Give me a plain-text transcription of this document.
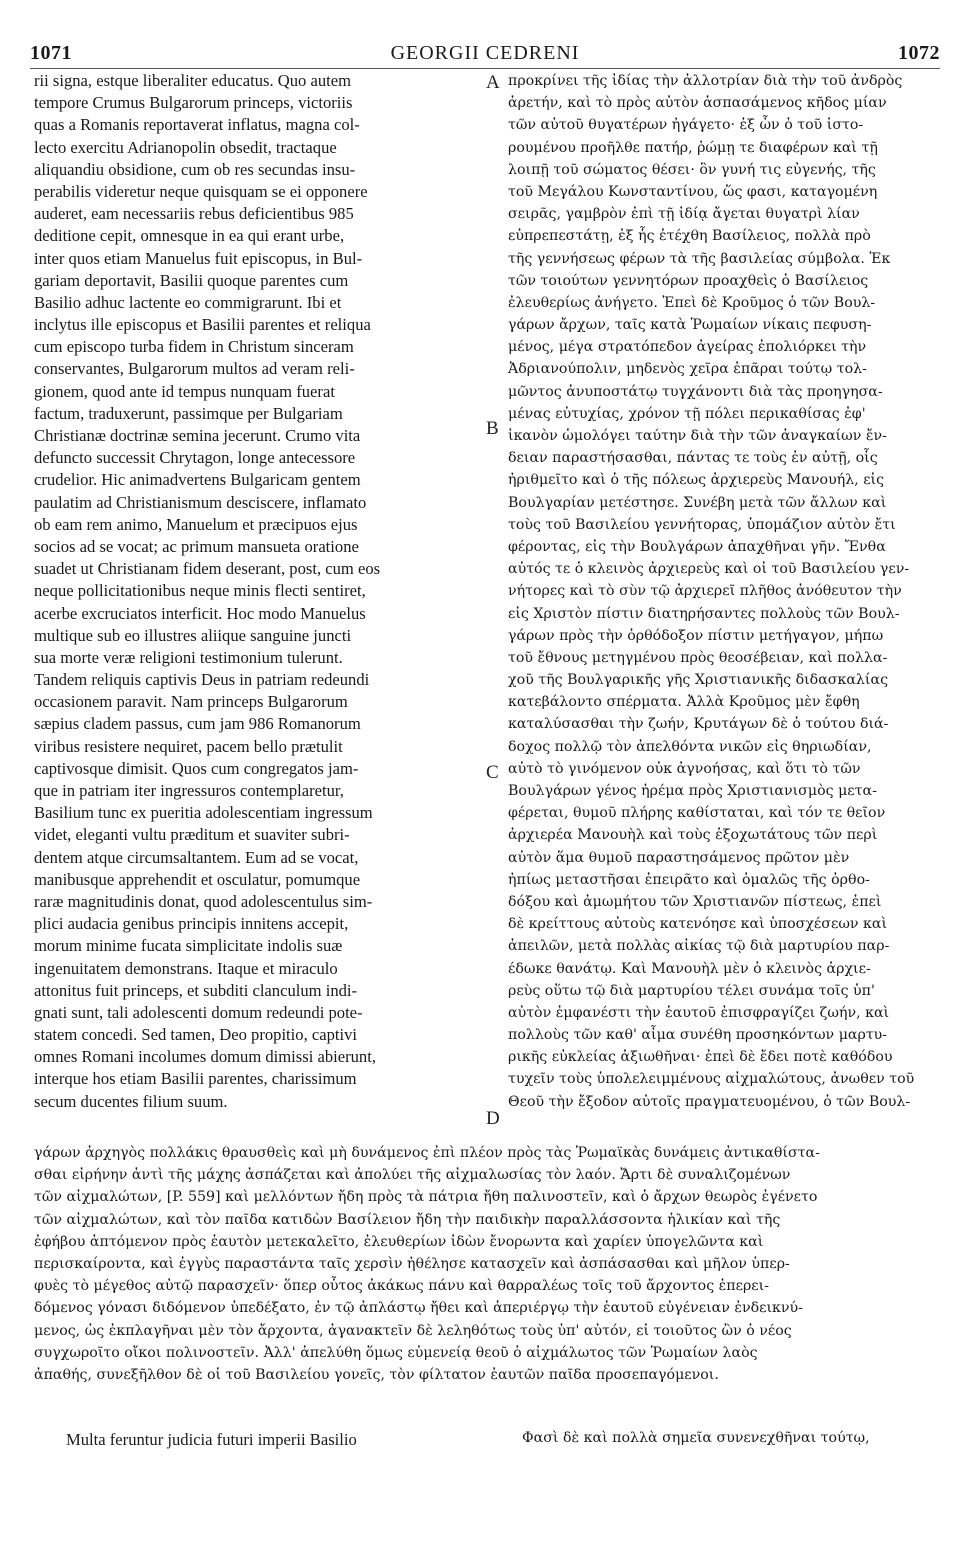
1071	GEORGII CEDRENI	1072
A
B
C
D
rii signa, estque liberaliter educatus. Quo autem
tempore Crumus Bulgarorum princeps, victoriis
quas a Romanis reportaverat inflatus, magna col-
lecto exercitu Adrianopolin obsedit, tractaque
aliquandiu obsidione, cum ob res secundas insu-
perabilis videretur neque quisquam se ei opponere
auderet, eam necessariis rebus deficientibus 985
deditione cepit, omnesque in ea qui erant urbe,
inter quos etiam Manuelus fuit episcopus, in Bul-
gariam deportavit, Basilii quoque parentes cum
Basilio adhuc lactente eo commigrarunt. Ibi et
inclytus ille episcopus et Basilii parentes et reliqua
cum episcopo turba fidem in Christum sinceram
conservantes, Bulgarorum multos ad veram reli-
gionem, quod ante id tempus nunquam fuerat
factum, traduxerunt, passimque per Bulgariam
Christianæ doctrinæ semina jecerunt. Crumo vita
defuncto successit Chrytagon, longe antecessore
crudelior. Hic animadvertens Bulgaricam gentem
paulatim ad Christianismum desciscere, inflamato
ob eam rem animo, Manuelum et præcipuos ejus
socios ad se vocat; ac primum mansueta oratione
suadet ut Christianam fidem deserant, post, cum eos
neque pollicitationibus neque minis flecti sentiret,
acerbe excruciatos interficit. Hoc modo Manuelus
multique sub eo illustres aliique sanguine juncti
sua morte veræ religioni testimonium tulerunt.
Tandem reliquis captivis Deus in patriam redeundi
occasionem paravit. Nam princeps Bulgarorum
sæpius cladem passus, cum jam 986 Romanorum
viribus resistere nequiret, pacem bello prætulit
captivosque dimisit. Quos cum congregatos jam-
que in patriam iter ingressuros contemplaretur,
Basilium tunc ex pueritia adolescentiam ingressum
videt, eleganti vultu præditum et suaviter subri-
dentem atque circumsaltantem. Eum ad se vocat,
manibusque apprehendit et osculatur, pomumque
raræ magnitudinis donat, quod adolescentulus sim-
plici audacia genibus principis innitens accepit,
morum minime fucata simplicitate indolis suæ
ingenuitatem demonstrans. Itaque et miraculo
attonitus fuit princeps, et subditi clanculum indi-
gnati sunt, tali adolescenti domum redeundi pote-
statem concedi. Sed tamen, Deo propitio, captivi
omnes Romani incolumes domum dimissi abierunt,
interque hos etiam Basilii parentes, charissimum
secum ducentes filium suum.
προκρίνει τῆς ἰδίας τὴν ἀλλοτρίαν διὰ τὴν τοῦ ἀνδρὸς
ἀρετήν, καὶ τὸ πρὸς αὐτὸν ἀσπασάμενος κῆδος μίαν
τῶν αὐτοῦ θυγατέρων ἠγάγετο· ἐξ ὧν ὁ τοῦ ἱστο-
ρουμένου προῆλθε πατήρ, ῥώμῃ τε διαφέρων καὶ τῇ
λοιπῇ τοῦ σώματος θέσει· ὃν γυνή τις εὐγενής, τῆς
τοῦ Μεγάλου Κωνσταντίνου, ὥς φασι, καταγομένη
σειρᾶς, γαμβρὸν ἐπὶ τῇ ἰδίᾳ ἄγεται θυγατρὶ λίαν
εὐπρεπεστάτῃ, ἐξ ἧς ἐτέχθη Βασίλειος, πολλὰ πρὸ
τῆς γεννήσεως φέρων τὰ τῆς βασιλείας σύμβολα. Ἐκ
τῶν τοιούτων γεννητόρων προαχθεὶς ὁ Βασίλειος
ἐλευθερίως ἀνήγετο. Ἐπεὶ δὲ Κροῦμος ὁ τῶν Βουλ-
γάρων ἄρχων, ταῖς κατὰ Ῥωμαίων νίκαις πεφυση-
μένος, μέγα στρατόπεδον ἀγείρας ἐπολιόρκει τὴν
Ἀδριανούπολιν, μηδενὸς χεῖρα ἐπᾶραι τούτῳ τολ-
μῶντος ἀνυποστάτῳ τυγχάνοντι διὰ τὰς προηγησα-
μένας εὐτυχίας, χρόνον τῇ πόλει περικαθίσας ἐφ'
ἱκανὸν ὡμολόγει ταύτην διὰ τὴν τῶν ἀναγκαίων ἔν-
δειαν παραστήσασθαι, πάντας τε τοὺς ἐν αὐτῇ, οἷς
ἠριθμεῖτο καὶ ὁ τῆς πόλεως ἀρχιερεὺς Μανουήλ, εἰς
Βουλγαρίαν μετέστησε. Συνέβη μετὰ τῶν ἄλλων καὶ
τοὺς τοῦ Βασιλείου γεννήτορας, ὑπομάζιον αὐτὸν ἔτι
φέροντας, εἰς τὴν Βουλγάρων ἀπαχθῆναι γῆν. Ἔνθα
αὐτός τε ὁ κλεινὸς ἀρχιερεὺς καὶ οἱ τοῦ Βασιλείου γεν-
νήτορες καὶ τὸ σὺν τῷ ἀρχιερεῖ πλῆθος ἀνόθευτον τὴν
εἰς Χριστὸν πίστιν διατηρήσαντες πολλοὺς τῶν Βουλ-
γάρων πρὸς τὴν ὀρθόδοξον πίστιν μετήγαγον, μήπω
τοῦ ἔθνους μετηγμένου πρὸς θεοσέβειαν, καὶ πολλα-
χοῦ τῆς Βουλγαρικῆς γῆς Χριστιανικῆς διδασκαλίας
κατεβάλοντο σπέρματα. Ἀλλὰ Κροῦμος μὲν ἔφθη
καταλύσασθαι τὴν ζωήν, Κρυτάγων δὲ ὁ τούτου διά-
δοχος πολλῷ τὸν ἀπελθόντα νικῶν εἰς θηριωδίαν,
αὐτὸ τὸ γινόμενον οὐκ ἀγνοήσας, καὶ ὅτι τὸ τῶν
Βουλγάρων γένος ἠρέμα πρὸς Χριστιανισμὸς μετα-
φέρεται, θυμοῦ πλήρης καθίσταται, καὶ τόν τε θεῖον
ἀρχιερέα Μανουὴλ καὶ τοὺς ἐξοχωτάτους τῶν περὶ
αὐτὸν ἅμα θυμοῦ παραστησάμενος πρῶτον μὲν
ἠπίως μεταστῆσαι ἐπειρᾶτο καὶ ὁμαλῶς τῆς ὀρθο-
δόξου καὶ ἀμωμήτου τῶν Χριστιανῶν πίστεως, ἐπεὶ
δὲ κρείττους αὐτοὺς κατενόησε καὶ ὑποσχέσεων καὶ
ἀπειλῶν, μετὰ πολλὰς αἰκίας τῷ διὰ μαρτυρίου παρ-
έδωκε θανάτῳ. Καὶ Μανουὴλ μὲν ὁ κλεινὸς ἀρχιε-
ρεὺς οὕτω τῷ διὰ μαρτυρίου τέλει συνάμα τοῖς ὑπ'
αὐτὸν ἐμφανέστι τὴν ἑαυτοῦ ἐπισφραγίζει ζωήν, καὶ
πολλοὺς τῶν καθ' αἷμα συνέθη προσηκόντων μαρτυ-
ρικῆς εὐκλείας ἀξιωθῆναι· ἐπεὶ δὲ ἔδει ποτὲ καθόδου
τυχεῖν τοὺς ὑπολελειμμένους αἰχμαλώτους, ἀνωθεν τοῦ
Θεοῦ τὴν ἔξοδον αὐτοῖς πραγματευομένου, ὁ τῶν Βουλ-
γάρων ἀρχηγὸς πολλάκις θραυσθεὶς καὶ μὴ δυνάμενος ἐπὶ πλέον πρὸς τὰς Ῥωμαϊκὰς δυνάμεις ἀντικαθίστα-
σθαι εἰρήνην ἀντὶ τῆς μάχης ἀσπάζεται καὶ ἀπολύει τῆς αἰχμαλωσίας τὸν λαόν. Ἄρτι δὲ συναλιζομένων
τῶν αἰχμαλώτων, [P. 559] καὶ μελλόντων ἤδη πρὸς τὰ πάτρια ἤθη παλινοστεῖν, καὶ ὁ ἄρχων θεωρὸς ἐγένετο
τῶν αἰχμαλώτων, καὶ τὸν παῖδα κατιδὼν Βασίλειον ἤδη τὴν παιδικὴν παραλλάσσοντα ἡλικίαν καὶ τῆς
ἐφήβου ἁπτόμενον πρὸς ἑαυτὸν μετεκαλεῖτο, ἐλευθερίων ἰδὼν ἔνορωντα καὶ χαρίεν ὑπογελῶντα καὶ
περισκαίροντα, καὶ ἐγγὺς παραστάντα ταῖς χερσὶν ἠθέλησε κατασχεῖν καὶ ἀσπάσασθαι καὶ μῆλον ὑπερ-
φυὲς τὸ μέγεθος αὐτῷ παρασχεῖν· ὅπερ οὗτος ἀκάκως πάνυ καὶ θαρραλέως τοῖς τοῦ ἄρχοντος ἐπερει-
δόμενος γόνασι διδόμενον ὑπεδέξατο, ἐν τῷ ἀπλάστῳ ἤθει καὶ ἀπεριέργῳ τὴν ἑαυτοῦ εὐγένειαν ἐνδεικνύ-
μενος, ὡς ἐκπλαγῆναι μὲν τὸν ἄρχοντα, ἀγανακτεῖν δὲ λεληθότως τοὺς ὑπ' αὐτόν, εἰ τοιοῦτος ὢν ὁ νέος
συγχωροῖτο οἴκοι πολινοστεῖν. Ἀλλ' ἀπελύθη ὅμως εὐμενείᾳ θεοῦ ὁ αἰχμάλωτος τῶν Ῥωμαίων λαὸς
ἀπαθής, συνεξῆλθον δὲ οἱ τοῦ Βασιλείου γονεῖς, τὸν φίλτατον ἑαυτῶν παῖδα προσεπαγόμενοι.
Multa feruntur judicia futuri imperii Basilio	Φασὶ δὲ καὶ πολλὰ σημεῖα συνενεχθῆναι τούτῳ,
